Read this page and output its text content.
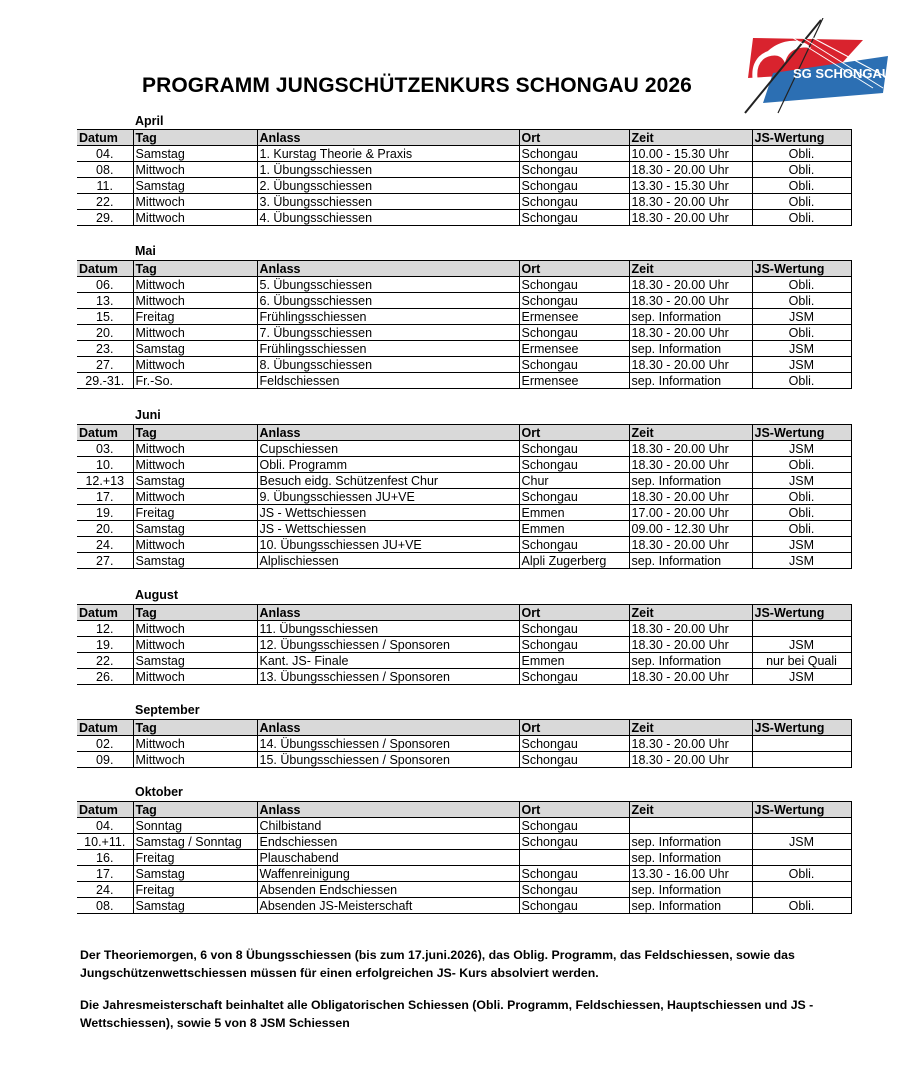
PROGRAMM JUNGSCHÜTZENKURS SCHONGAU 2026
SG SCHONGAU
April
Datum	Tag	Anlass	Ort	Zeit	JS-Wertung
04.	Samstag	1. Kurstag Theorie & Praxis	Schongau	10.00 - 15.30 Uhr	Obli.
08.	Mittwoch	1. Übungsschiessen	Schongau	18.30 - 20.00 Uhr	Obli.
11.	Samstag	2. Übungsschiessen	Schongau	13.30 - 15.30 Uhr	Obli.
22.	Mittwoch	3. Übungsschiessen	Schongau	18.30 - 20.00 Uhr	Obli.
29.	Mittwoch	4. Übungsschiessen	Schongau	18.30 - 20.00 Uhr	Obli.
Mai
Datum	Tag	Anlass	Ort	Zeit	JS-Wertung
06.	Mittwoch	5. Übungsschiessen	Schongau	18.30 - 20.00 Uhr	Obli.
13.	Mittwoch	6. Übungsschiessen	Schongau	18.30 - 20.00 Uhr	Obli.
15.	Freitag	Frühlingsschiessen	Ermensee	sep. Information	JSM
20.	Mittwoch	7. Übungsschiessen	Schongau	18.30 - 20.00 Uhr	Obli.
23.	Samstag	Frühlingsschiessen	Ermensee	sep. Information	JSM
27.	Mittwoch	8. Übungsschiessen	Schongau	18.30 - 20.00 Uhr	JSM
29.-31.	Fr.-So.	Feldschiessen	Ermensee	sep. Information	Obli.
Juni
Datum	Tag	Anlass	Ort	Zeit	JS-Wertung
03.	Mittwoch	Cupschiessen	Schongau	18.30 - 20.00 Uhr	JSM
10.	Mittwoch	Obli. Programm	Schongau	18.30 - 20.00 Uhr	Obli.
12.+13	Samstag	Besuch eidg. Schützenfest Chur	Chur	sep. Information	JSM
17.	Mittwoch	9. Übungsschiessen JU+VE	Schongau	18.30 - 20.00 Uhr	Obli.
19.	Freitag	JS - Wettschiessen	Emmen	17.00 - 20.00 Uhr	Obli.
20.	Samstag	JS - Wettschiessen	Emmen	09.00 - 12.30 Uhr	Obli.
24.	Mittwoch	10. Übungsschiessen JU+VE	Schongau	18.30 - 20.00 Uhr	JSM
27.	Samstag	Alplischiessen	Alpli Zugerberg	sep. Information	JSM
August
Datum	Tag	Anlass	Ort	Zeit	JS-Wertung
12.	Mittwoch	11. Übungsschiessen	Schongau	18.30 - 20.00 Uhr	
19.	Mittwoch	12. Übungsschiessen / Sponsoren	Schongau	18.30 - 20.00 Uhr	JSM
22.	Samstag	Kant. JS- Finale	Emmen	sep. Information	nur bei Quali
26.	Mittwoch	13. Übungsschiessen / Sponsoren	Schongau	18.30 - 20.00 Uhr	JSM
September
Datum	Tag	Anlass	Ort	Zeit	JS-Wertung
02.	Mittwoch	14. Übungsschiessen / Sponsoren	Schongau	18.30 - 20.00 Uhr	
09.	Mittwoch	15. Übungsschiessen / Sponsoren	Schongau	18.30 - 20.00 Uhr	
Oktober
Datum	Tag	Anlass	Ort	Zeit	JS-Wertung
04.	Sonntag	Chilbistand	Schongau		
10.+11.	Samstag / Sonntag	Endschiessen	Schongau	sep. Information	JSM
16.	Freitag	Plauschabend		sep. Information	
17.	Samstag	Waffenreinigung	Schongau	13.30 - 16.00 Uhr	Obli.
24.	Freitag	Absenden Endschiessen	Schongau	sep. Information	
08.	Samstag	Absenden JS-Meisterschaft	Schongau	sep. Information	Obli.
Der Theoriemorgen, 6 von 8 Übungsschiessen (bis zum 17.juni.2026), das Oblig. Programm, das Feldschiessen, sowie das Jungschützenwettschiessen müssen für einen erfolgreichen JS- Kurs absolviert werden.
Die Jahresmeisterschaft beinhaltet alle Obligatorischen Schiessen (Obli. Programm, Feldschiessen, Hauptschiessen und JS - Wettschiessen), sowie 5 von 8 JSM Schiessen
